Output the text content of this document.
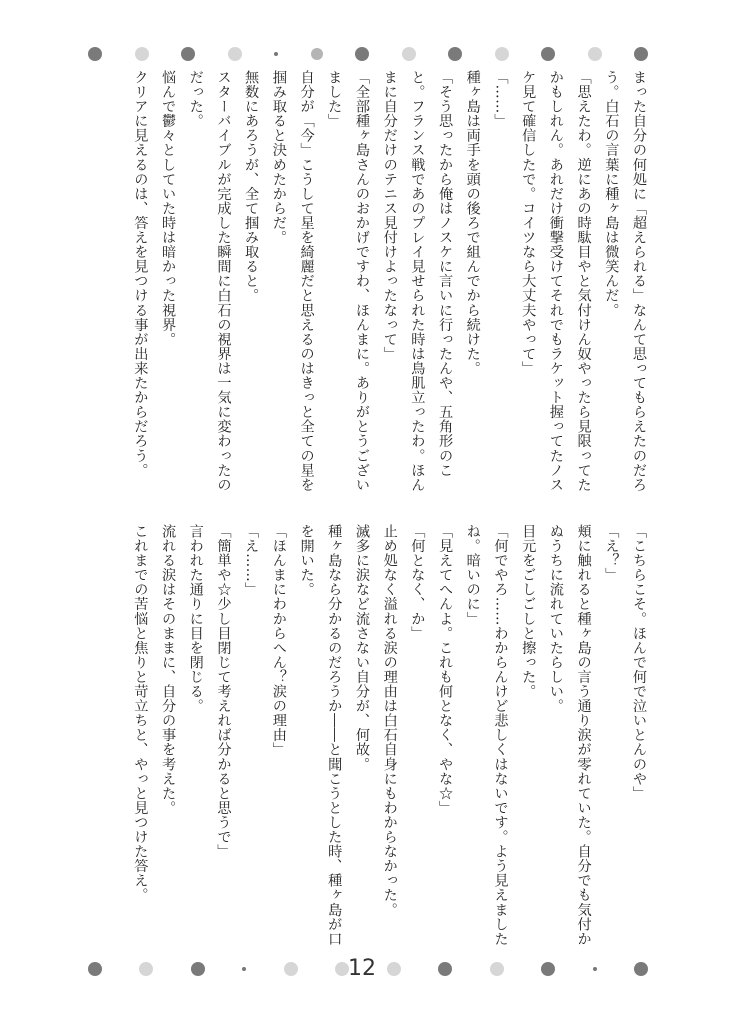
まった自分の何処に「超えられる」なんて思ってもらえたのだろう。白石の言葉に種ヶ島は微笑んだ。

「思えたわ。逆にあの時駄目やと気付けん奴やったら見限ってたかもしれん。あれだけ衝撃受けてそれでもラケット握ってたノスケ見て確信したで。コイツなら大丈夫やって」

「……」

種ヶ島は両手を頭の後ろで組んでから続けた。

「そう思ったから俺はノスケに言いに行ったんや、五角形のこと。フランス戦であのプレイ見せられた時は鳥肌立ったわ。ほんまに自分だけのテニス見付けよったなって」

「全部種ヶ島さんのおかげですわ、ほんまに。ありがとうございました」

自分が「今」こうして星を綺麗だと思えるのはきっと全ての星を掴み取ると決めたからだ。

無数にあろうが、全て掴み取ると。

スターバイブルが完成した瞬間に白石の視界は一気に変わったのだった。

悩んで鬱々としていた時は暗かった視界。

クリアに見えるのは、答えを見つける事が出来たからだろう。

「こちらこそ。ほんで何で泣いとんのや」

「え？」

頬に触れると種ヶ島の言う通り涙が零れていた。自分でも気付かぬうちに流れていたらしい。

目元をごしごしと擦った。

「何でやろ……わからんけど悲しくはないです。よう見えましたね。暗いのに」

「見えてへんよ。これも何となく、やな☆」

「何となく、か」

止め処なく溢れる涙の理由は白石自身にもわからなかった。

滅多に涙など流さない自分が、何故。

種ヶ島なら分かるのだろうか――と聞こうとした時、種ヶ島が口を開いた。

「ほんまにわからへん？涙の理由」

「え……」

「簡単や☆少し目閉じて考えれば分かると思うで」

言われた通りに目を閉じる。

流れる涙はそのままに、自分の事を考えた。

これまでの苦悩と焦りと苛立ちと、やっと見つけた答え。

12
